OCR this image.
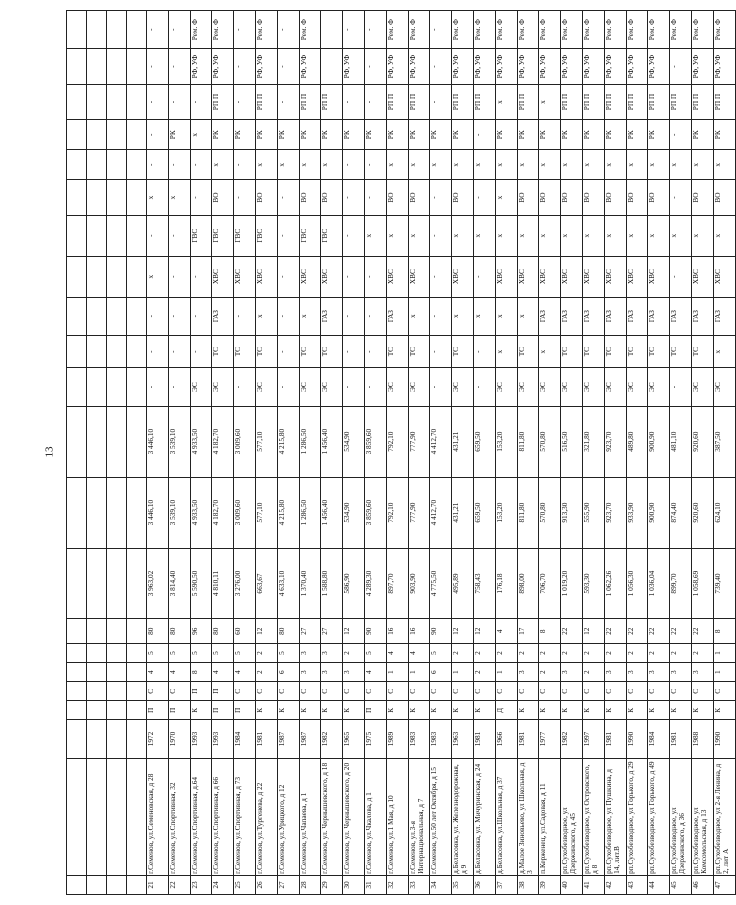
13

21	г.Семенов, ул.Семеновская, д 28	1972	П	С	4	5	80	3 963,02	3 446,10	3 446,10	-	-	-	х	-	х	-	-	-	-	-
22	г.Семенов, ул.Спортивная, 32	1970	П	С	4	5	80	3 814,40	3 539,10	3 539,10	-	-	-	-	-	х	-	РК	-	-	-
23	г.Семенов, ул.Спортивная, д.64	1993	К	П	8	5	96	5 590,50	4 933,50	4 933,50	ЭС	-	-	-	ГВС	-	-	х	-	РФ, УФ	Рем. Ф
24	г.Семенов, ул.Спортивная, д 66	1993	П	П	4	5	80	4 810,11	4 182,70	4 182,70	ЭС	ТС	ГАЗ	ХВС	ГВС	ВО	х	РК	РП П	РФ, УФ	Рем. Ф
25	г.Семенов, ул.Спортивная, д 73	1984	П	С	4	5	60	3 276,00	3 009,60	3 009,60	-	ТС	-	ХВС	ГВС	-	-	РК	-	-	-
26	г.Семенов, ул.Тургенева, д 22	1981	К	С	2	2	12	663,67	577,10	577,10	ЭС	ТС	х	ХВС	ГВС	ВО	х	РК	РП П	РФ, УФ	Рем. Ф
27	г.Семенов, ул.Урицкого, д 12	1987	К	С	6	5	80	4 633,10	4 215,80	4 215,80	-	-	-	-	-	-	х	РК	-	-	-
28	г.Семенов, ул.Чапаева, д 1	1987	К	С	3	3	27	1 370,40	1 286,50	1 286,50	ЭС	ТС	х	ХВС	ГВС	ВО	х	РК	РП П	РФ, УФ	Рем. Ф
29	г.Семенов, ул. Чернышевского, д 18	1982	К	С	3	3	27	1 588,80	1 456,40	1 456,40	ЭС	ТС	ГАЗ	ХВС	ГВС	ВО	х	РК	РП П		
30	г.Семенов, ул. Чернышевского, д 20	1965	К	С	3	2	12	586,90	534,90	534,90	-	-	-	-	-	-	-	РК	-	РФ, УФ	-
31	г.Семенов, ул.Чкалова, д 1	1975	П	С	4	5	90	4 289,30	3 859,60	3 859,60	-	-	-	-	х	-	-	РК	-	-	-
32	г.Семенов, ул.1 Мая, д 10	1989	К	С	1	4	16	897,70	792,10	792,10	ЭС	ТС	ГАЗ	ХВС	х	ВО	х	РК	РП П	РФ, УФ	Рем. Ф
33	г.Семенов, ул.3-я Интернациональная, д 7	1983	К	С	1	4	16	903,90	777,90	777,90	ЭС	ТС	х	ХВС	х	ВО	х	РК	РП П	РФ, УФ	Рем. Ф
34	г.Семенов, ул.50 лет Октября, д 15	1983	К	С	6	5	90	4 775,50	4 412,70	4 412,70	-	-	-	-	-	-	х	РК	-	-	-
35	д.Беласовка, ул. Железнодорожная, д 9	1963	К	С	1	2	12	495,89	431,21	431,21	ЭС	ТС	х	ХВС	х	ВО	х	РК	РП П	РФ, УФ	Рем. Ф
36	д.Беласовка, ул. Мичуринская, д 24	1981	К	С	2	2	12	758,43	659,50	659,50	-	-	х	-	х	-	х	-	РП П	РФ, УФ	Рем. Ф
37	д.Беласовка, ул.Школьная, д 37	1966	Д	С	1	2	4	176,18	153,20	153,20	ЭС	х	х	ХВС	х	х	х	РК	х	РФ, УФ	Рем. Ф
38	д.Малое Зиновьево, ул Школьная, д 3	1981	К	С	3	2	17	898,00	811,80	811,80	ЭС	ТС	х	ХВС	х	ВО	х	РК	РП П	РФ, УФ	Рем. Ф
39	п.Керженец, ул.Садовая, д 11	1977	К	С	2	2	8	706,70	570,80	570,80	ЭС	х	ГАЗ	ХВС	х	ВО	х	РК	х	РФ, УФ	Рем. Ф
40	рп.Сухобезводное, ул Дзержинского, д 45	1982	К	С	3	2	22	1 019,20	913,30	516,50	ЭС	ТС	ГАЗ	ХВС	х	ВО	х	РК	РП П	РФ, УФ	Рем. Ф
41	рп.Сухобезводное, ул Островского, д 8	1997	К	С	2	2	12	593,30	555,90	321,80	ЭС	ТС	ГАЗ	ХВС	х	ВО	х	РК	РП П	РФ, УФ	Рем. Ф
42	рп.Сухобезводное, ул Пушкина, д 14, лит.В	1981	К	С	3	2	22	1 062,26	923,70	923,70	ЭС	ТС	ГАЗ	ХВС	х	ВО	х	РК	РП П	РФ, УФ	Рем. Ф
43	рп.Сухобезводное, ул Горького, д 29	1990	К	С	3	2	22	1 056,30	933,90	489,80	ЭС	ТС	ГАЗ	ХВС	х	ВО	х	РК	РП П	РФ, УФ	Рем. Ф
44	рп.Сухобезводное, ул Горького, д 49	1984	К	С	3	2	22	1 036,04	900,90	900,90	ЭС	ТС	ГАЗ	ХВС	х	ВО	х	РК	РП П	РФ, УФ	Рем. Ф
45	рп.Сухобезводное, ул Дзержинского, д 36	1981	К	С	3	2	22	899,70	874,40	481,10	-	ТС	ГАЗ	-	х	-	х	-	РП П	-	Рем. Ф
46	рп.Сухобезводное, ул Комсомольская, д 13	1988	К	С	3	2	22	1 058,69	920,60	920,60	ЭС	ТС	ГАЗ	ХВС	х	ВО	х	РК	РП П	РФ, УФ	Рем. Ф
47	рп.Сухобезводное, ул 2-я Ленина, д 2, лит А	1990	К	С	1	1	8	739,40	624,10	387,50	ЭС	х	ГАЗ	ХВС	х	ВО	х	РК	РП П	РФ, УФ	Рем. Ф
